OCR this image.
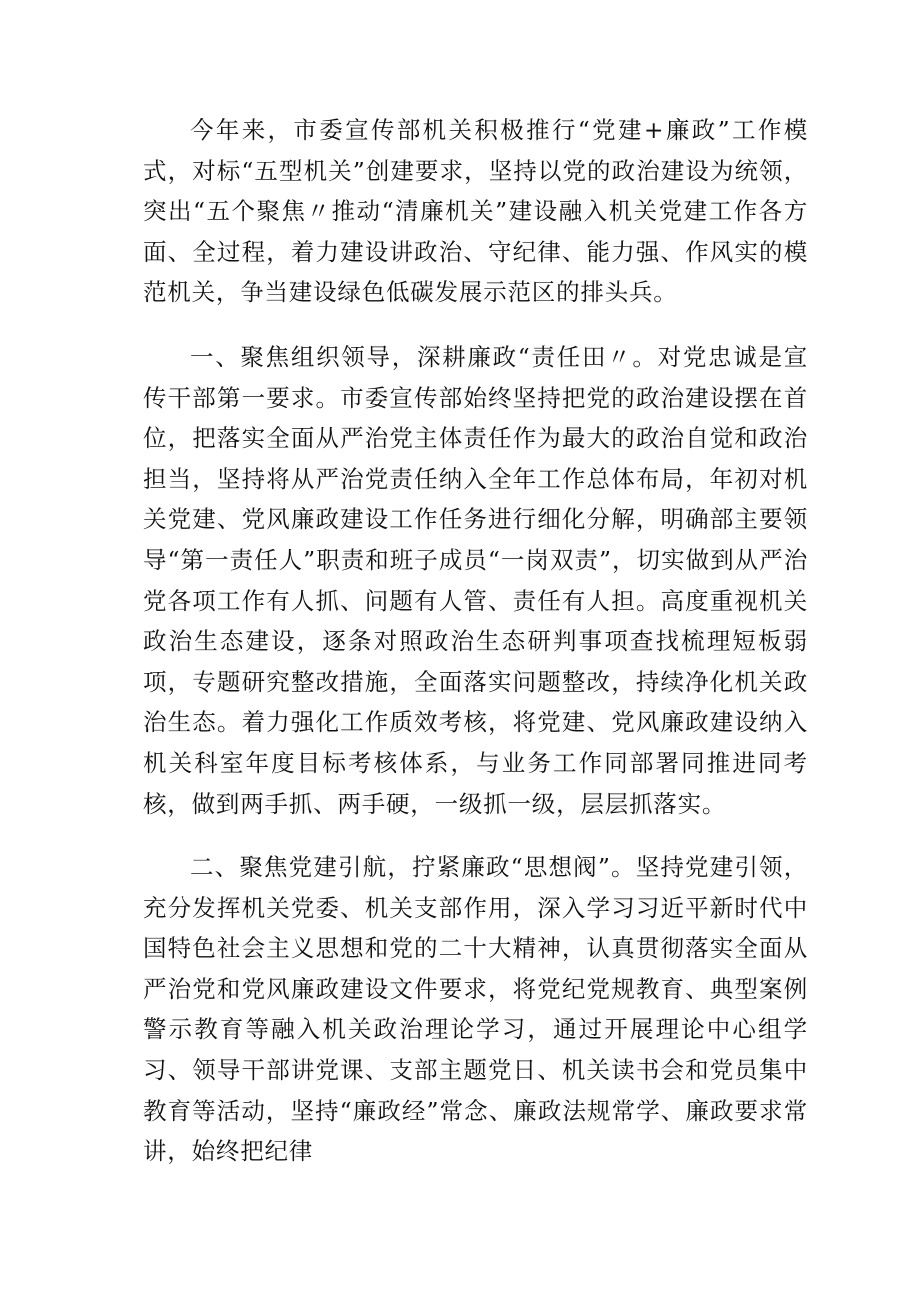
今年来，市委宣传部机关积极推行“党建+廉政”工作模式，对标“五型机关”创建要求，坚持以党的政治建设为统领，突出“五个聚焦〃推动“清廉机关”建设融入机关党建工作各方面、全过程，着力建设讲政治、守纪律、能力强、作风实的模范机关，争当建设绿色低碳发展示范区的排头兵。

一、聚焦组织领导，深耕廉政“责任田〃。对党忠诚是宣传干部第一要求。市委宣传部始终坚持把党的政治建设摆在首位，把落实全面从严治党主体责任作为最大的政治自觉和政治担当，坚持将从严治党责任纳入全年工作总体布局，年初对机关党建、党风廉政建设工作任务进行细化分解，明确部主要领导“第一责任人”职责和班子成员“一岗双责”，切实做到从严治党各项工作有人抓、问题有人管、责任有人担。高度重视机关政治生态建设，逐条对照政治生态研判事项查找梳理短板弱项，专题研究整改措施，全面落实问题整改，持续净化机关政治生态。着力强化工作质效考核，将党建、党风廉政建设纳入机关科室年度目标考核体系，与业务工作同部署同推进同考核，做到两手抓、两手硬，一级抓一级，层层抓落实。

二、聚焦党建引航，拧紧廉政“思想阀”。坚持党建引领，充分发挥机关党委、机关支部作用，深入学习习近平新时代中国特色社会主义思想和党的二十大精神，认真贯彻落实全面从严治党和党风廉政建设文件要求，将党纪党规教育、典型案例警示教育等融入机关政治理论学习，通过开展理论中心组学习、领导干部讲党课、支部主题党日、机关读书会和党员集中教育等活动，坚持“廉政经”常念、廉政法规常学、廉政要求常讲，始终把纪律
